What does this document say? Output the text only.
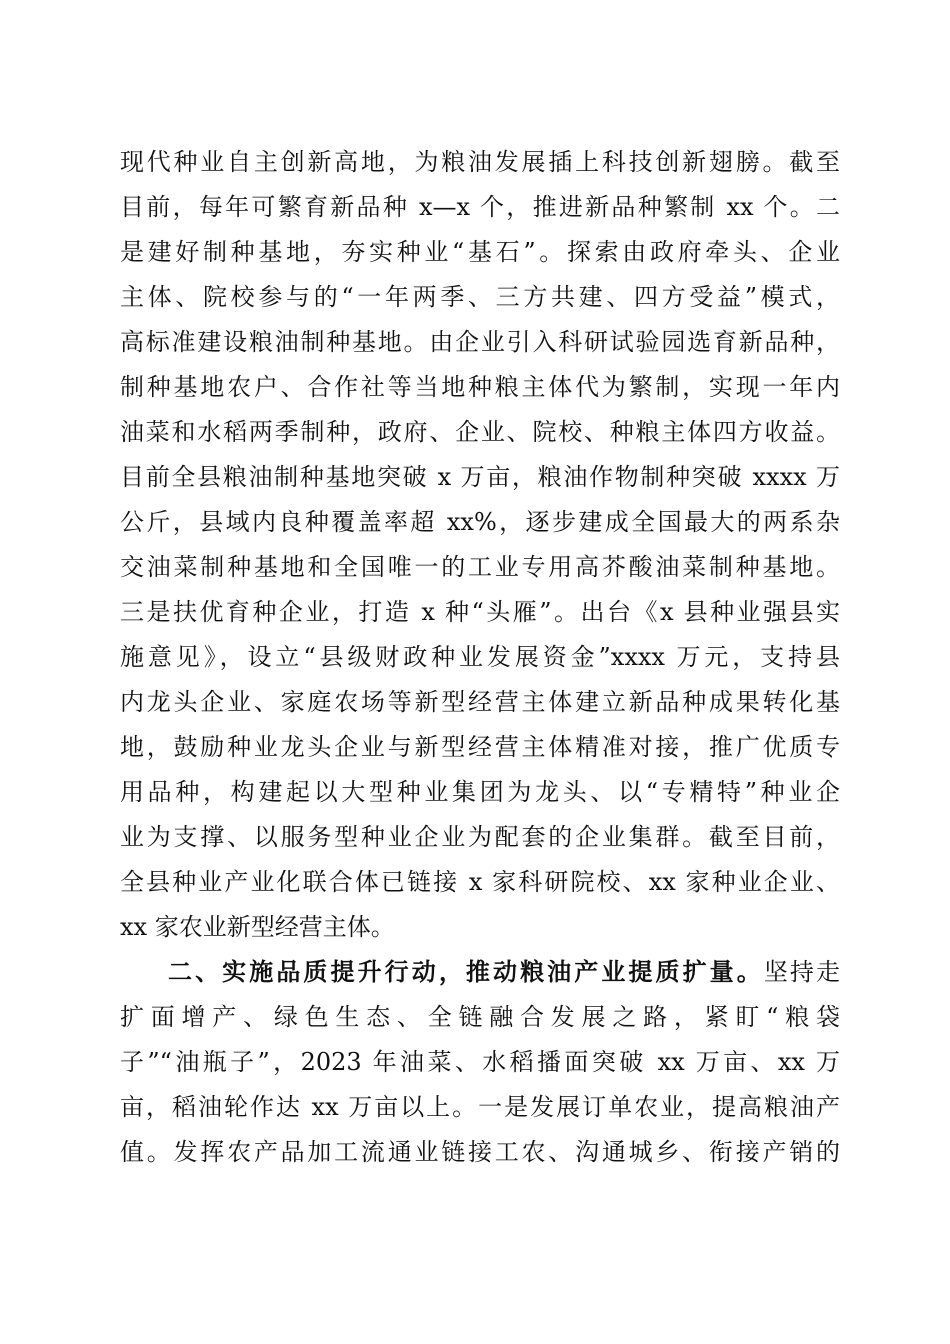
现代种业自主创新高地，为粮油发展插上科技创新翅膀。截至
目前，每年可繁育新品种 x—x 个，推进新品种繁制 xx 个。二
是建好制种基地，夯实种业“基石”。探索由政府牵头、企业
主体、院校参与的“一年两季、三方共建、四方受益”模式，
高标准建设粮油制种基地。由企业引入科研试验园选育新品种，
制种基地农户、合作社等当地种粮主体代为繁制，实现一年内
油菜和水稻两季制种，政府、企业、院校、种粮主体四方收益。
目前全县粮油制种基地突破 x 万亩，粮油作物制种突破 xxxx 万
公斤，县域内良种覆盖率超 xx%，逐步建成全国最大的两系杂
交油菜制种基地和全国唯一的工业专用高芥酸油菜制种基地。
三是扶优育种企业，打造 x 种“头雁”。出台《x 县种业强县实
施意见》，设立“县级财政种业发展资金”xxxx 万元，支持县
内龙头企业、家庭农场等新型经营主体建立新品种成果转化基
地，鼓励种业龙头企业与新型经营主体精准对接，推广优质专
用品种，构建起以大型种业集团为龙头、以“专精特”种业企
业为支撑、以服务型种业企业为配套的企业集群。截至目前，
全县种业产业化联合体已链接 x 家科研院校、xx 家种业企业、
xx 家农业新型经营主体。
二、实施品质提升行动，推动粮油产业提质扩量。坚持走
扩面增产、绿色生态、全链融合发展之路，紧盯“粮袋
子”“油瓶子”，2023 年油菜、水稻播面突破 xx 万亩、xx 万
亩，稻油轮作达 xx 万亩以上。一是发展订单农业，提高粮油产
值。发挥农产品加工流通业链接工农、沟通城乡、衔接产销的
